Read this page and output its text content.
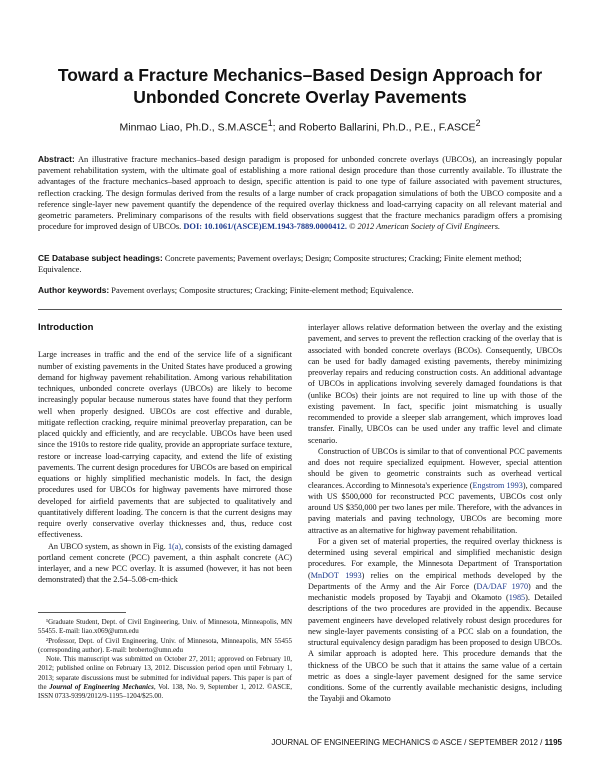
Toward a Fracture Mechanics–Based Design Approach for
Unbonded Concrete Overlay Pavements
Minmao Liao, Ph.D., S.M.ASCE$^1$; and Roberto Ballarini, Ph.D., P.E., F.ASCE$^2$
Abstract: An illustrative fracture mechanics–based design paradigm is proposed for unbonded concrete overlays (UBCOs), an increasingly popular pavement rehabilitation system, with the ultimate goal of establishing a more rational design procedure than those currently available. To illustrate the advantages of the fracture mechanics–based approach to design, specific attention is paid to one type of failure associated with pavement structures, reflection cracking. The design formulas derived from the results of a large number of crack propagation simulations of both the UBCO composite and a reference single-layer new pavement quantify the dependence of the required overlay thickness and load-carrying capacity on all relevant material and geometric parameters. Preliminary comparisons of the results with field observations suggest that the fracture mechanics paradigm offers a promising procedure for improved design of UBCOs. DOI: 10.1061/(ASCE)EM.1943-7889.0000412. © 2012 American Society of Civil Engineers.
CE Database subject headings: Concrete pavements; Pavement overlays; Design; Composite structures; Cracking; Finite element method; Equivalence.
Author keywords: Pavement overlays; Composite structures; Cracking; Finite-element method; Equivalence.
Introduction

Large increases in traffic and the end of the service life of a significant number of existing pavements in the United States have produced a growing demand for highway pavement rehabilitation. Among various rehabilitation techniques, unbonded concrete overlays (UBCOs) are likely to become increasingly popular because numerous states have found that they perform well when properly designed. UBCOs are cost effective and durable, mitigate reflection cracking, require minimal preoverlay preparation, can be placed quickly and efficiently, and are recyclable. UBCOs have been used since the 1910s to restore ride quality, provide an appropriate surface texture, restore or increase load-carrying capacity, and extend the life of existing pavements. The current design procedures for UBCOs are based on empirical equations or highly simplified mechanistic models. In fact, the design procedures used for UBCOs for highway pavements have mirrored those developed for airfield pavements that are subjected to qualitatively and quantitatively different loading. The concern is that the current designs may require overly conservative overlay thicknesses and, thus, reduce cost effectiveness.

An UBCO system, as shown in Fig. 1(a), consists of the existing damaged portland cement concrete (PCC) pavement, a thin asphalt concrete (AC) interlayer, and a new PCC overlay. It is assumed (however, it has not been demonstrated) that the 2.54–5.08-cm-thick

¹Graduate Student, Dept. of Civil Engineering, Univ. of Minnesota, Minneapolis, MN 55455. E-mail: liao.x069@umn.edu

²Professor, Dept. of Civil Engineering, Univ. of Minnesota, Minneapolis, MN 55455 (corresponding author). E-mail: broberto@umn.edu

Note. This manuscript was submitted on October 27, 2011; approved on February 10, 2012; published online on February 13, 2012. Discussion period open until February 1, 2013; separate discussions must be submitted for individual papers. This paper is part of the Journal of Engineering Mechanics, Vol. 138, No. 9, September 1, 2012. ©ASCE, ISSN 0733-9399/2012/9-1195–1204/$25.00.

interlayer allows relative deformation between the overlay and the existing pavement, and serves to prevent the reflection cracking of the overlay that is associated with bonded concrete overlays (BCOs). Consequently, UBCOs can be used for badly damaged existing pavements, thereby minimizing preoverlay repairs and reducing construction costs. An additional advantage of UBCOs in applications involving severely damaged foundations is that (unlike BCOs) their joints are not required to line up with those of the existing pavement. In fact, specific joint mismatching is usually recommended to provide a sleeper slab arrangement, which improves load transfer. Finally, UBCOs can be used under any traffic level and climate scenario.

Construction of UBCOs is similar to that of conventional PCC pavements and does not require specialized equipment. However, special attention should be given to geometric constraints such as overhead vertical clearances. According to Minnesota's experience (Engstrom 1993), compared with US $500,000 for reconstructed PCC pavements, UBCOs cost only around US $350,000 per two lanes per mile. Therefore, with the advances in paving materials and paving technology, UBCOs are becoming more attractive as an alternative for highway pavement rehabilitation.

For a given set of material properties, the required overlay thickness is determined using several empirical and simplified mechanistic design procedures. For example, the Minnesota Department of Transportation (MnDOT 1993) relies on the empirical methods developed by the Departments of the Army and the Air Force (DA/DAF 1970) and the mechanistic models proposed by Tayabji and Okamoto (1985). Detailed descriptions of the two procedures are provided in the appendix. Because pavement engineers have developed relatively robust design procedures for new single-layer pavements consisting of a PCC slab on a foundation, the structural equivalency design paradigm has been proposed to design UBCOs. A similar approach is adopted here. This procedure demands that the thickness of the UBCO be such that it attains the same value of a certain metric as does a single-layer pavement designed for the same service conditions. Some of the currently available mechanistic designs, including the Tayabji and Okamoto

JOURNAL OF ENGINEERING MECHANICS © ASCE / SEPTEMBER 2012 / 1195
